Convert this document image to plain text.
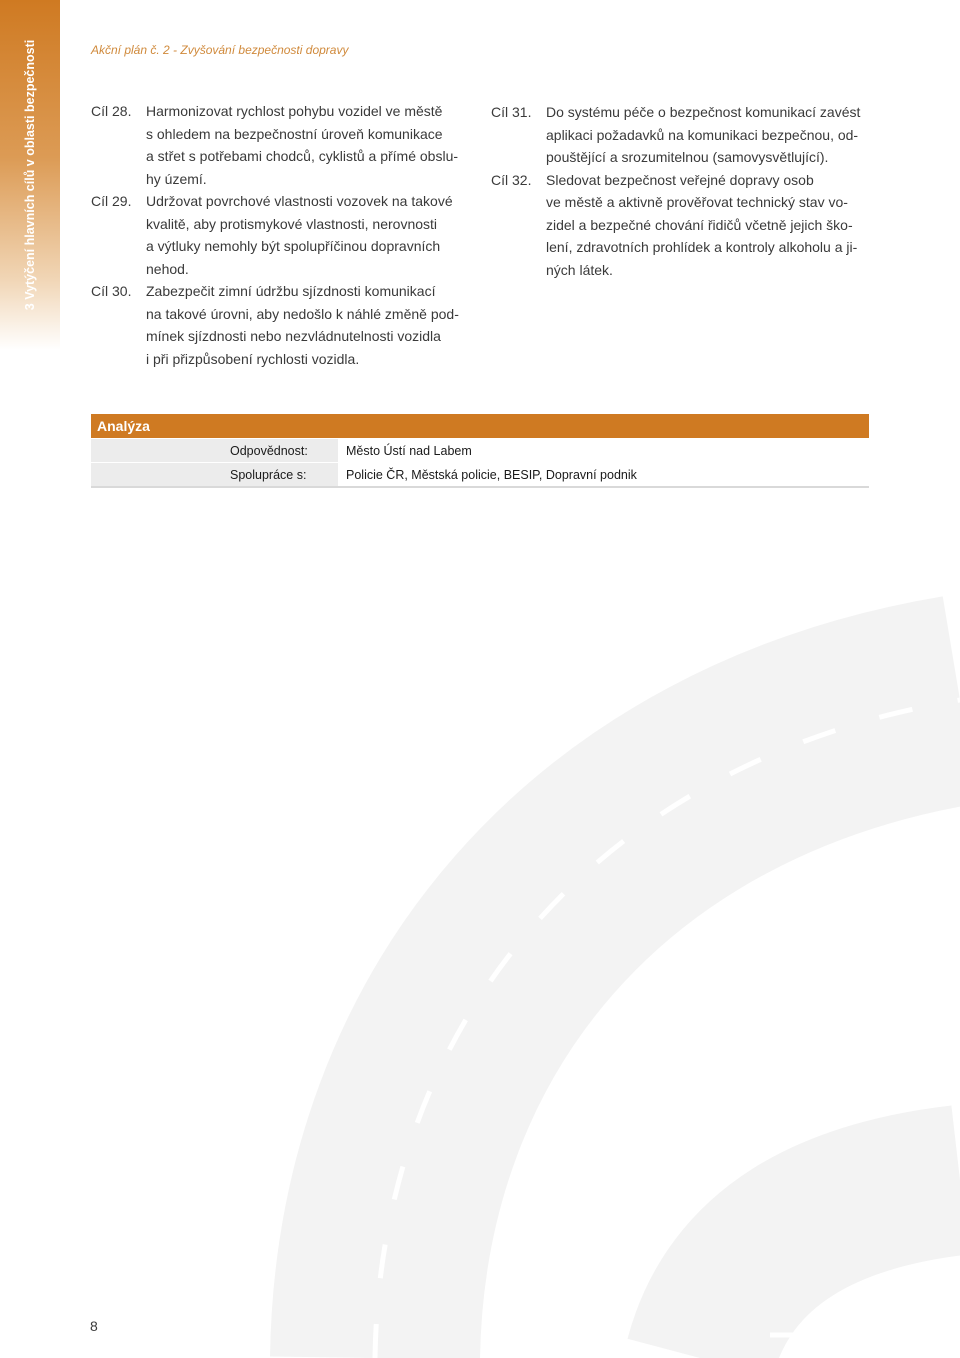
3 Vytýčení hlavních cílů v oblasti bezpečnosti	Akční plán č. 2 - Zvyšování bezpečnosti dopravy
Cíl 28.	Harmonizovat rychlost pohybu vozidel ve městě
s ohledem na bezpečnostní úroveň komunikace
a střet s potřebami chodců, cyklistů a přímé obslu-
hy území.
Cíl 29.	Udržovat povrchové vlastnosti vozovek na takové
kvalitě, aby protismykové vlastnosti, nerovnosti
a výtluky nemohly být spolupříčinou dopravních
nehod.
Cíl 30.	Zabezpečit zimní údržbu sjízdnosti komunikací
na takové úrovni, aby nedošlo k náhlé změně pod-
mínek sjízdnosti nebo nezvládnutelnosti vozidla
i při přizpůsobení rychlosti vozidla.
Cíl 31.	Do systému péče o bezpečnost komunikací zavést
aplikaci požadavků na komunikaci bezpečnou, od-
pouštějící a srozumitelnou (samovysvětlující).
Cíl 32.	Sledovat bezpečnost veřejné dopravy osob
ve městě a aktivně prověřovat technický stav vo-
zidel a bezpečné chování řidičů včetně jejich ško-
lení, zdravotních prohlídek a kontroly alkoholu a ji-
ných látek.
Analýza
Odpovědnost:	Město Ústí nad Labem
Spolupráce s:	Policie ČR, Městská policie, BESIP, Dopravní podnik
8
